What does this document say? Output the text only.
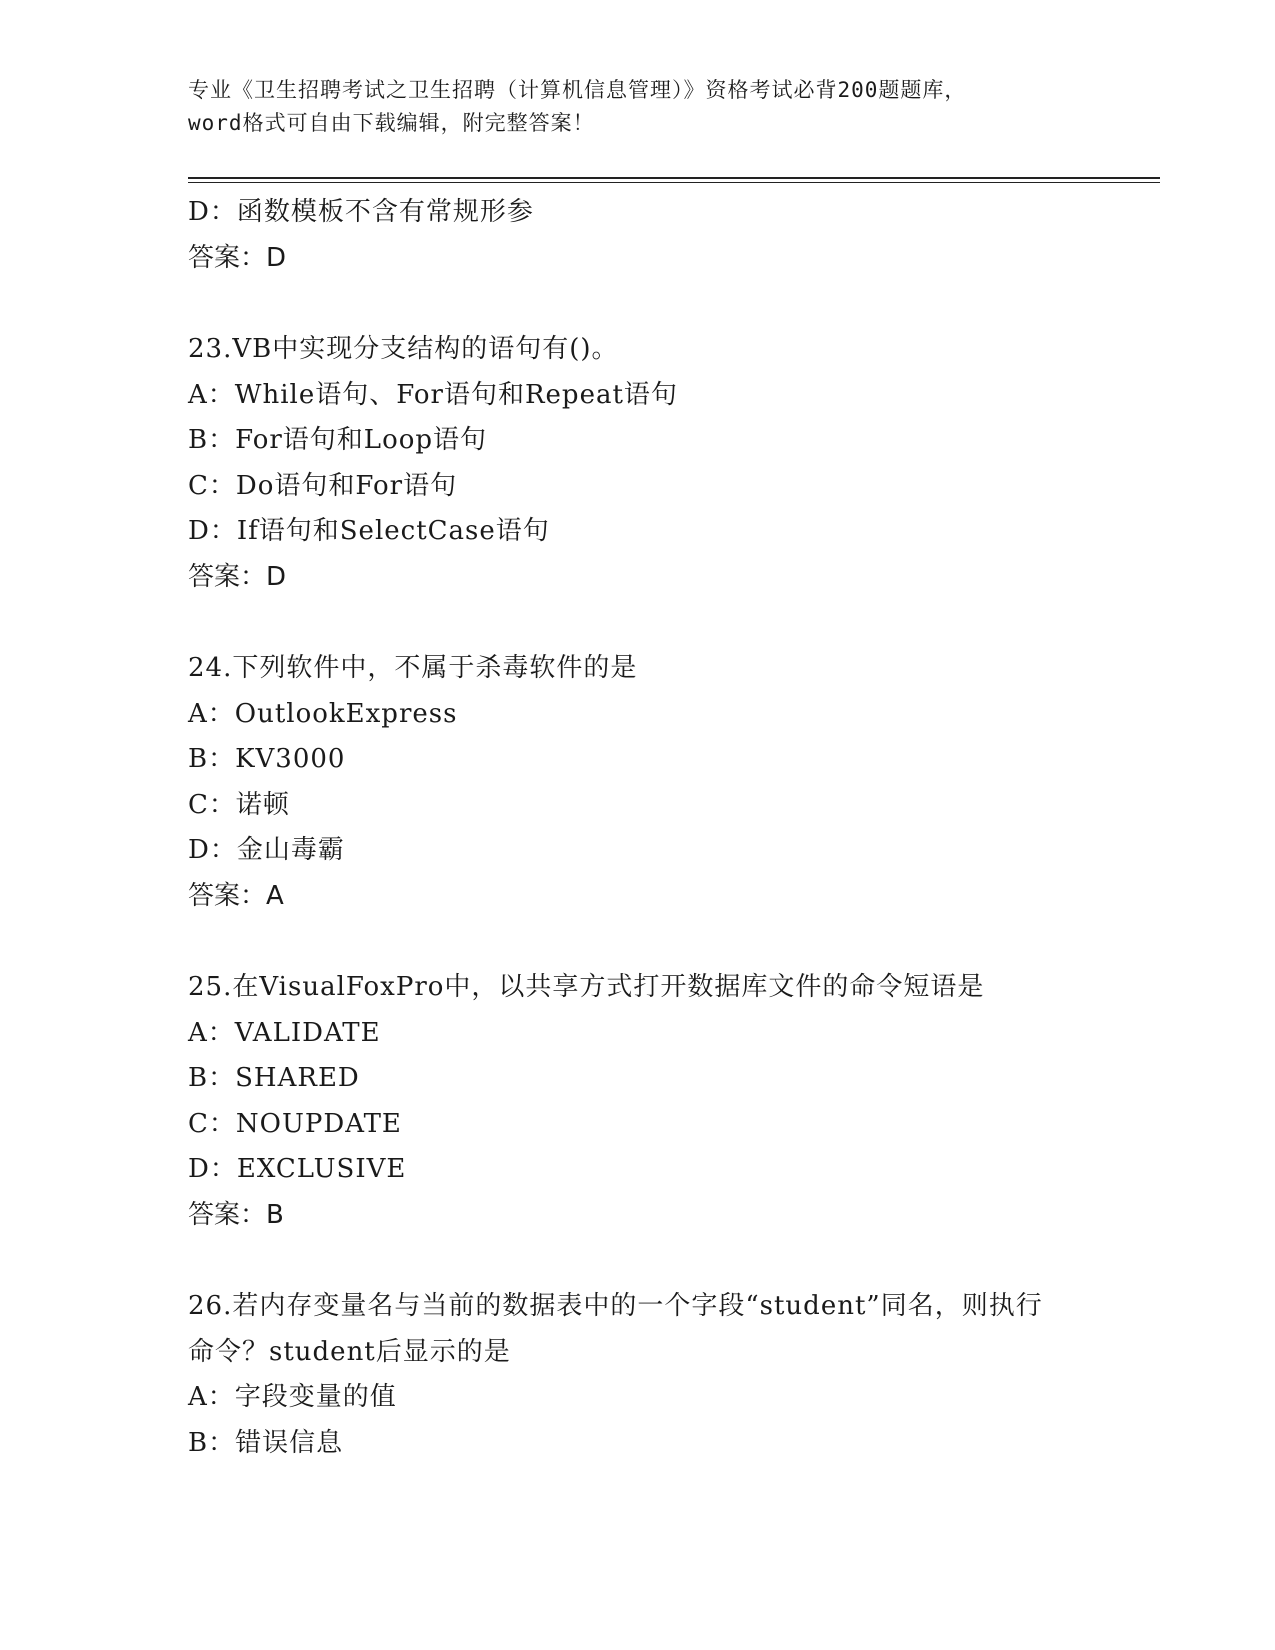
专业《卫生招聘考试之卫生招聘（计算机信息管理）》资格考试必背200题题库，
word格式可自由下载编辑，附完整答案！
D：函数模板不含有常规形参
答案：D
23.VB中实现分支结构的语句有()。
A：While语句、For语句和Repeat语句
B：For语句和Loop语句
C：Do语句和For语句
D：If语句和SelectCase语句
答案：D
24.下列软件中，不属于杀毒软件的是
A：OutlookExpress
B：KV3000
C：诺顿
D：金山毒霸
答案：A
25.在VisualFoxPro中，以共享方式打开数据库文件的命令短语是
A：VALIDATE
B：SHARED
C：NOUPDATE
D：EXCLUSIVE
答案：B
26.若内存变量名与当前的数据表中的一个字段“student”同名，则执行命令？student后显示的是
A：字段变量的值
B：错误信息
